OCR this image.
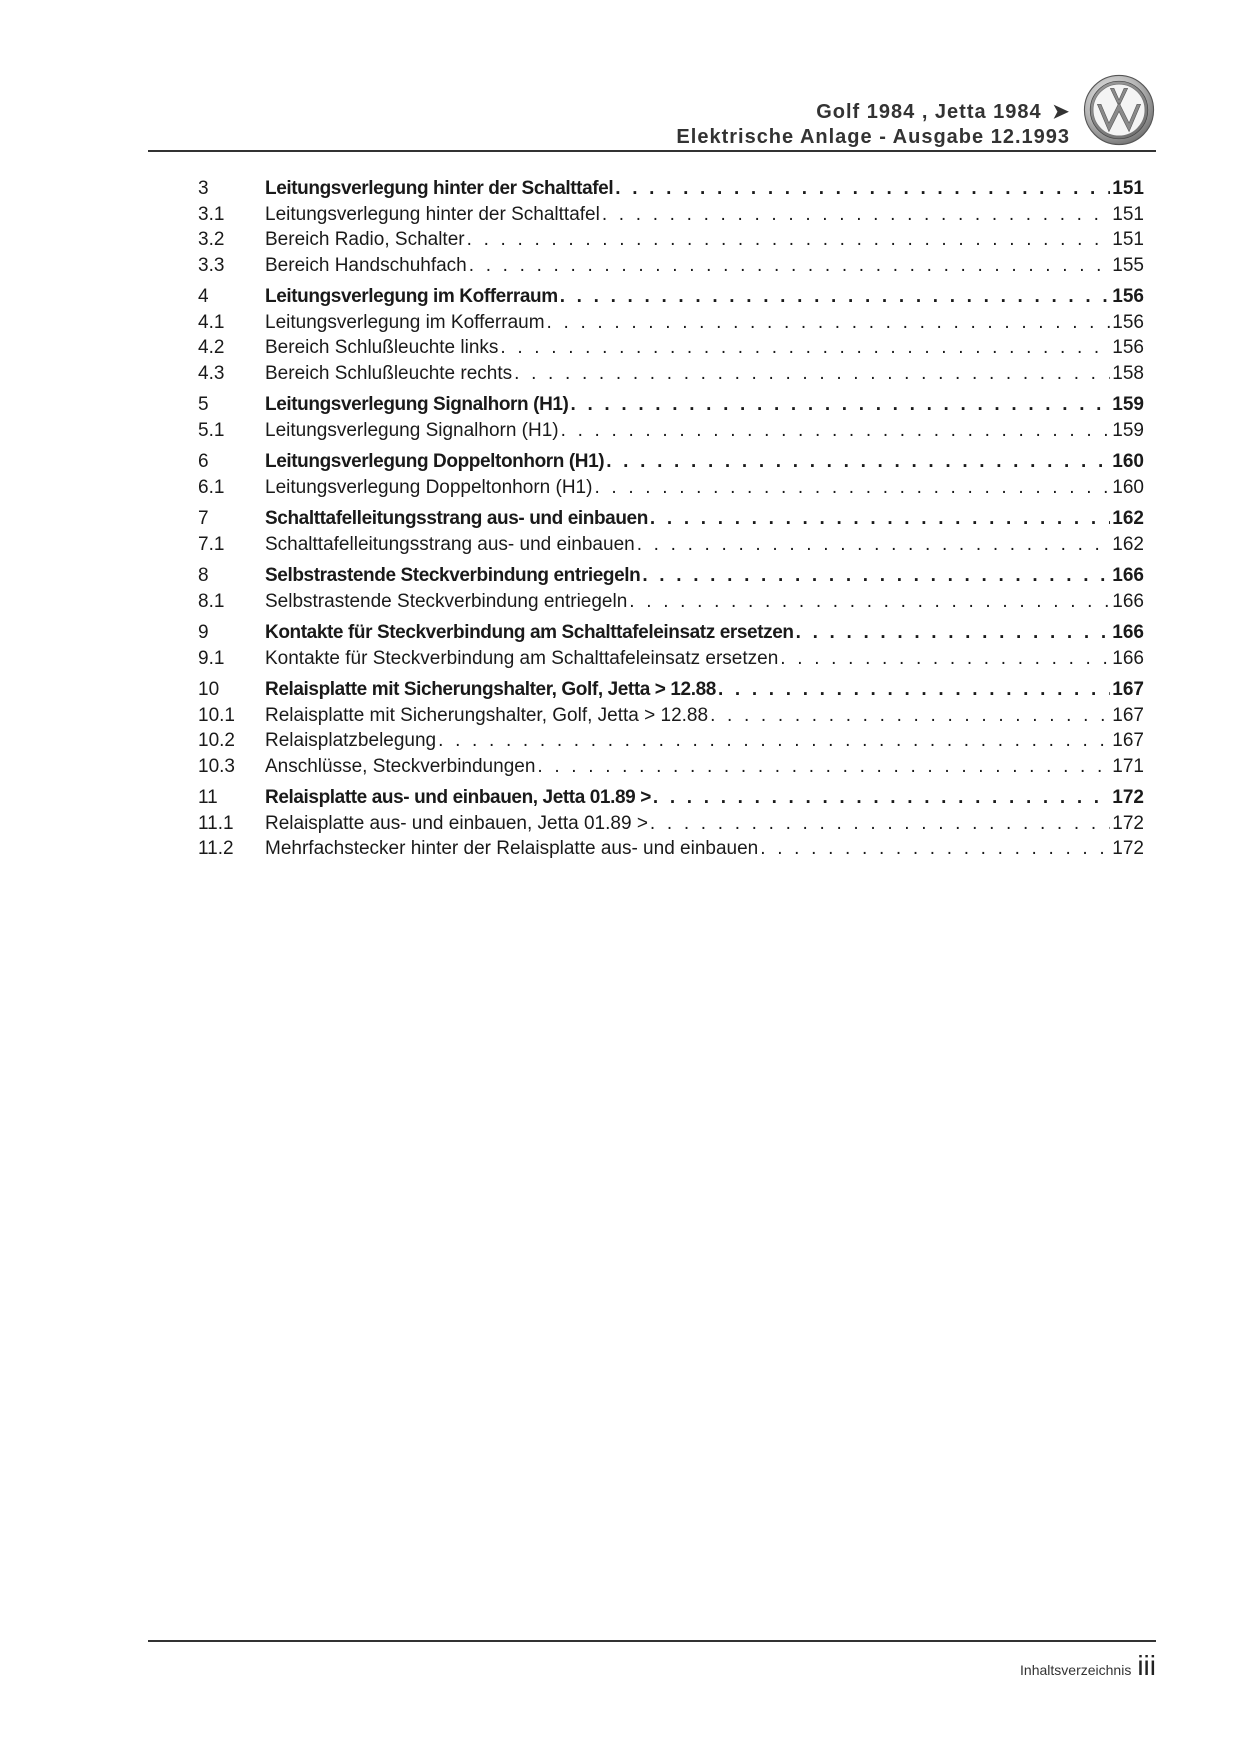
Golf 1984 , Jetta 1984 ➤
Elektrische Anlage - Ausgabe 12.1993
3	Leitungsverlegung hinter der Schalttafel . . .	151
3.1	Leitungsverlegung hinter der Schalttafel . . .	151
3.2	Bereich Radio, Schalter . . .	151
3.3	Bereich Handschuhfach . . .	155
4	Leitungsverlegung im Kofferraum . . .	156
4.1	Leitungsverlegung im Kofferraum . . .	156
4.2	Bereich Schlußleuchte links . . .	156
4.3	Bereich Schlußleuchte rechts . . .	158
5	Leitungsverlegung Signalhorn (H1) . . .	159
5.1	Leitungsverlegung Signalhorn (H1) . . .	159
6	Leitungsverlegung Doppeltonhorn (H1) . . .	160
6.1	Leitungsverlegung Doppeltonhorn (H1) . . .	160
7	Schalttafelleitungsstrang aus- und einbauen . . .	162
7.1	Schalttafelleitungsstrang aus- und einbauen . . .	162
8	Selbstrastende Steckverbindung entriegeln . . .	166
8.1	Selbstrastende Steckverbindung entriegeln . . .	166
9	Kontakte für Steckverbindung am Schalttafeleinsatz ersetzen . . .	166
9.1	Kontakte für Steckverbindung am Schalttafeleinsatz ersetzen . . .	166
10	Relaisplatte mit Sicherungshalter, Golf, Jetta > 12.88 . . .	167
10.1	Relaisplatte mit Sicherungshalter, Golf, Jetta > 12.88 . . .	167
10.2	Relaisplatzbelegung . . .	167
10.3	Anschlüsse, Steckverbindungen . . .	171
11	Relaisplatte aus- und einbauen, Jetta 01.89 > . . .	172
11.1	Relaisplatte aus- und einbauen, Jetta 01.89 > . . .	172
11.2	Mehrfachstecker hinter der Relaisplatte aus- und einbauen . . .	172
Inhaltsverzeichnis iii
